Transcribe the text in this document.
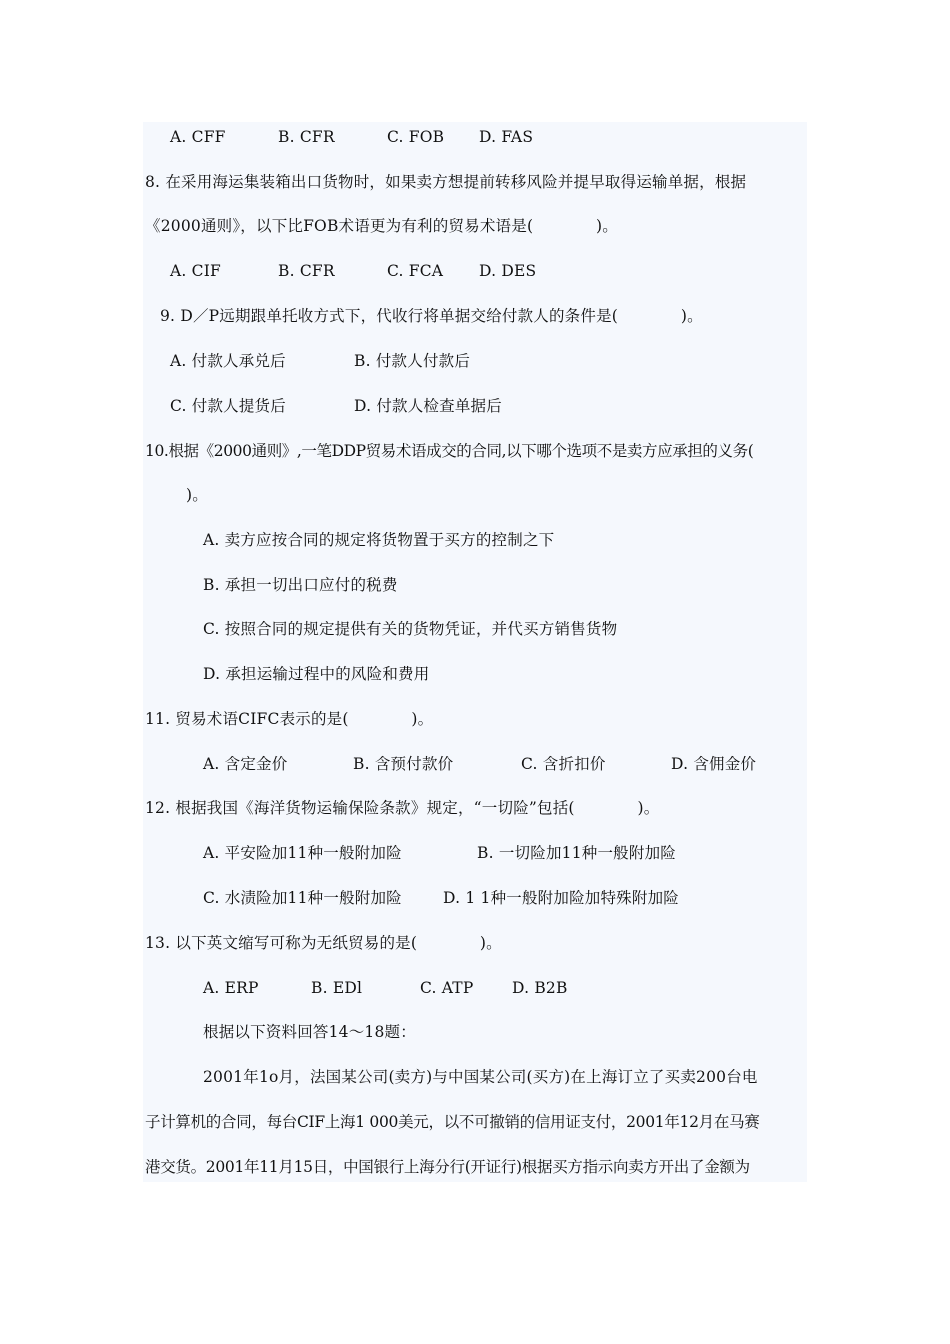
A. CFF	B. CFR	C. FOB D. FAS
8. 在采用海运集装箱出口货物时，如果卖方想提前转移风险并提早取得运输单据，根据
《2000通则》，以下比FOB术语更为有利的贸易术语是(　　　　)。
A. CIF	B. CFR	C. FCA D. DES
9. D／P远期跟单托收方式下，代收行将单据交给付款人的条件是(　　　　)。
A. 付款人承兑后	B. 付款人付款后
C. 付款人提货后	D. 付款人检查单据后
10.根据《2000通则》,一笔DDP贸易术语成交的合同,以下哪个选项不是卖方应承担的义务(
)。
A. 卖方应按合同的规定将货物置于买方的控制之下
B. 承担一切出口应付的税费
C. 按照合同的规定提供有关的货物凭证，并代买方销售货物
D. 承担运输过程中的风险和费用
11. 贸易术语CIFC表示的是(　　　　)。
A. 含定金价	B. 含预付款价	C. 含折扣价	D. 含佣金价
12. 根据我国《海洋货物运输保险条款》规定，“一切险”包括(　　　　)。
A. 平安险加11种一般附加险	B. 一切险加11种一般附加险
C. 水渍险加11种一般附加险	D. 1 1种一般附加险加特殊附加险
13. 以下英文缩写可称为无纸贸易的是(　　　　)。
A. ERP	B. EDl	C. ATP D. B2B
根据以下资料回答14～18题：
2001年1o月，法国某公司(卖方)与中国某公司(买方)在上海订立了买卖200台电
子计算机的合同，每台CIF上海1 000美元，以不可撤销的信用证支付，2001年12月在马赛
港交货。2001年11月15日，中国银行上海分行(开证行)根据买方指示向卖方开出了金额为
